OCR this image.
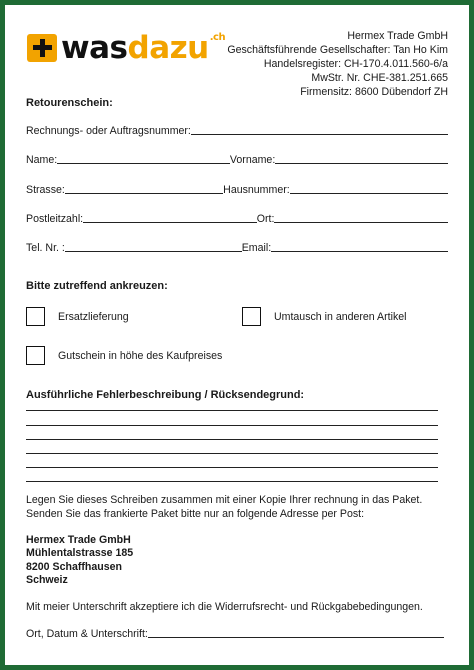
wasdazu$^{.ch}$	Hermex Trade GmbH
Geschäftsführende Gesellschafter: Tan Ho Kim
Handelsregister: CH-170.4.011.560-6/a
MwStr. Nr. CHE-381.251.665
Firmensitz: 8600 Dübendorf ZH
Retourenschein:
Rechnungs- oder Auftragsnummer:
Name:	Vorname:
Strasse:	Hausnummer:
Postleitzahl:	Ort:
Tel. Nr. :	Email:
Bitte zutreffend ankreuzen:
Ersatzlieferung	Umtausch in anderen Artikel
Gutschein in höhe des Kaufpreises
Ausführliche Fehlerbeschreibung / Rücksendegrund:
Legen Sie dieses Schreiben zusammen mit einer Kopie Ihrer rechnung in das Paket.
Senden Sie das frankierte Paket bitte nur an folgende Adresse per Post:
Hermex Trade GmbH
Mühlentalstrasse 185
8200 Schaffhausen
Schweiz
Mit meier Unterschrift akzeptiere ich die Widerrufsrecht- und Rückgabebedingungen.
Ort, Datum & Unterschrift:
